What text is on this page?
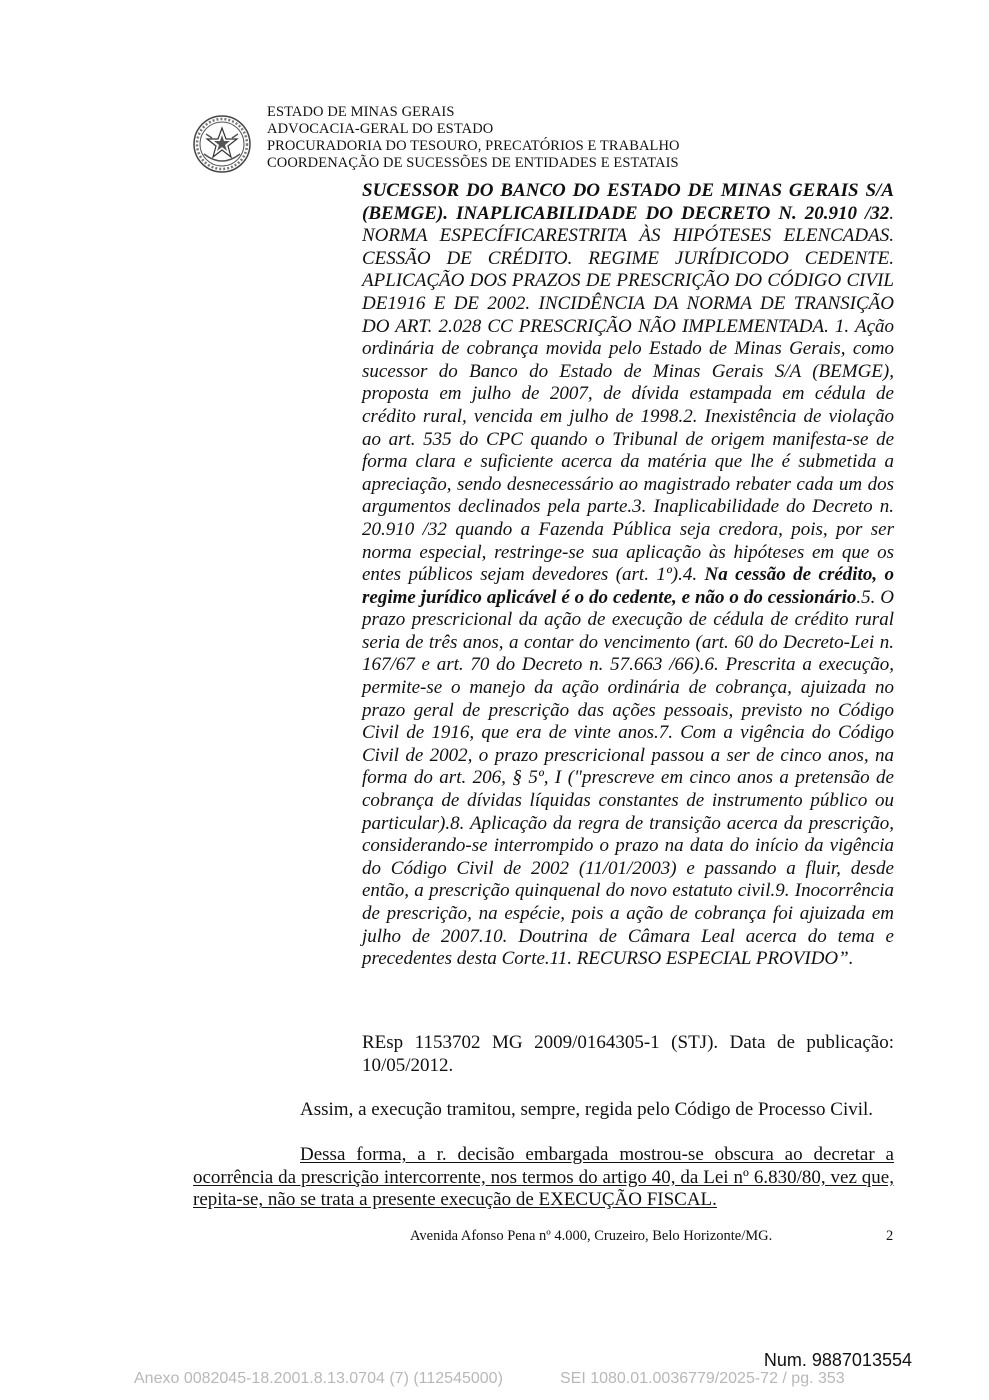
ESTADO DE MINAS GERAIS
ADVOCACIA-GERAL DO ESTADO
PROCURADORIA DO TESOURO, PRECATÓRIOS E TRABALHO
COORDENAÇÃO DE SUCESSÕES DE ENTIDADES E ESTATAIS

SUCESSOR DO BANCO DO ESTADO DE MINAS GERAIS S/A (BEMGE). INAPLICABILIDADE DO DECRETO N. 20.910 /32. NORMA ESPECÍFICARESTRITA ÀS HIPÓTESES ELENCADAS. CESSÃO DE CRÉDITO. REGIME JURÍDICODO CEDENTE. APLICAÇÃO DOS PRAZOS DE PRESCRIÇÃO DO CÓDIGO CIVIL DE1916 E DE 2002. INCIDÊNCIA DA NORMA DE TRANSIÇÃO DO ART. 2.028 CC PRESCRIÇÃO NÃO IMPLEMENTADA. 1. Ação ordinária de cobrança movida pelo Estado de Minas Gerais, como sucessor do Banco do Estado de Minas Gerais S/A (BEMGE), proposta em julho de 2007, de dívida estampada em cédula de crédito rural, vencida em julho de 1998.2. Inexistência de violação ao art. 535 do CPC quando o Tribunal de origem manifesta-se de forma clara e suficiente acerca da matéria que lhe é submetida a apreciação, sendo desnecessário ao magistrado rebater cada um dos argumentos declinados pela parte.3. Inaplicabilidade do Decreto n. 20.910 /32 quando a Fazenda Pública seja credora, pois, por ser norma especial, restringe-se sua aplicação às hipóteses em que os entes públicos sejam devedores (art. 1º).4. Na cessão de crédito, o regime jurídico aplicável é o do cedente, e não o do cessionário.5. O prazo prescricional da ação de execução de cédula de crédito rural seria de três anos, a contar do vencimento (art. 60 do Decreto-Lei n. 167/67 e art. 70 do Decreto n. 57.663 /66).6. Prescrita a execução, permite-se o manejo da ação ordinária de cobrança, ajuizada no prazo geral de prescrição das ações pessoais, previsto no Código Civil de 1916, que era de vinte anos.7. Com a vigência do Código Civil de 2002, o prazo prescricional passou a ser de cinco anos, na forma do art. 206, § 5º, I ("prescreve em cinco anos a pretensão de cobrança de dívidas líquidas constantes de instrumento público ou particular).8. Aplicação da regra de transição acerca da prescrição, considerando-se interrompido o prazo na data do início da vigência do Código Civil de 2002 (11/01/2003) e passando a fluir, desde então, a prescrição quinquenal do novo estatuto civil.9. Inocorrência de prescrição, na espécie, pois a ação de cobrança foi ajuizada em julho de 2007.10. Doutrina de Câmara Leal acerca do tema e precedentes desta Corte.11. RECURSO ESPECIAL PROVIDO”.

REsp 1153702 MG 2009/0164305-1 (STJ). Data de publicação: 10/05/2012.

Assim, a execução tramitou, sempre, regida pelo Código de Processo Civil.

Dessa forma, a r. decisão embargada mostrou-se obscura ao decretar a ocorrência da prescrição intercorrente, nos termos do artigo 40, da Lei nº 6.830/80, vez que, repita-se, não se trata a presente execução de EXECUÇÃO FISCAL.

Avenida Afonso Pena nº 4.000, Cruzeiro, Belo Horizonte/MG.	2
Num. 9887013554
Anexo 0082045-18.2001.8.13.0704 (7) (112545000)	SEI 1080.01.0036779/2025-72 / pg. 353
